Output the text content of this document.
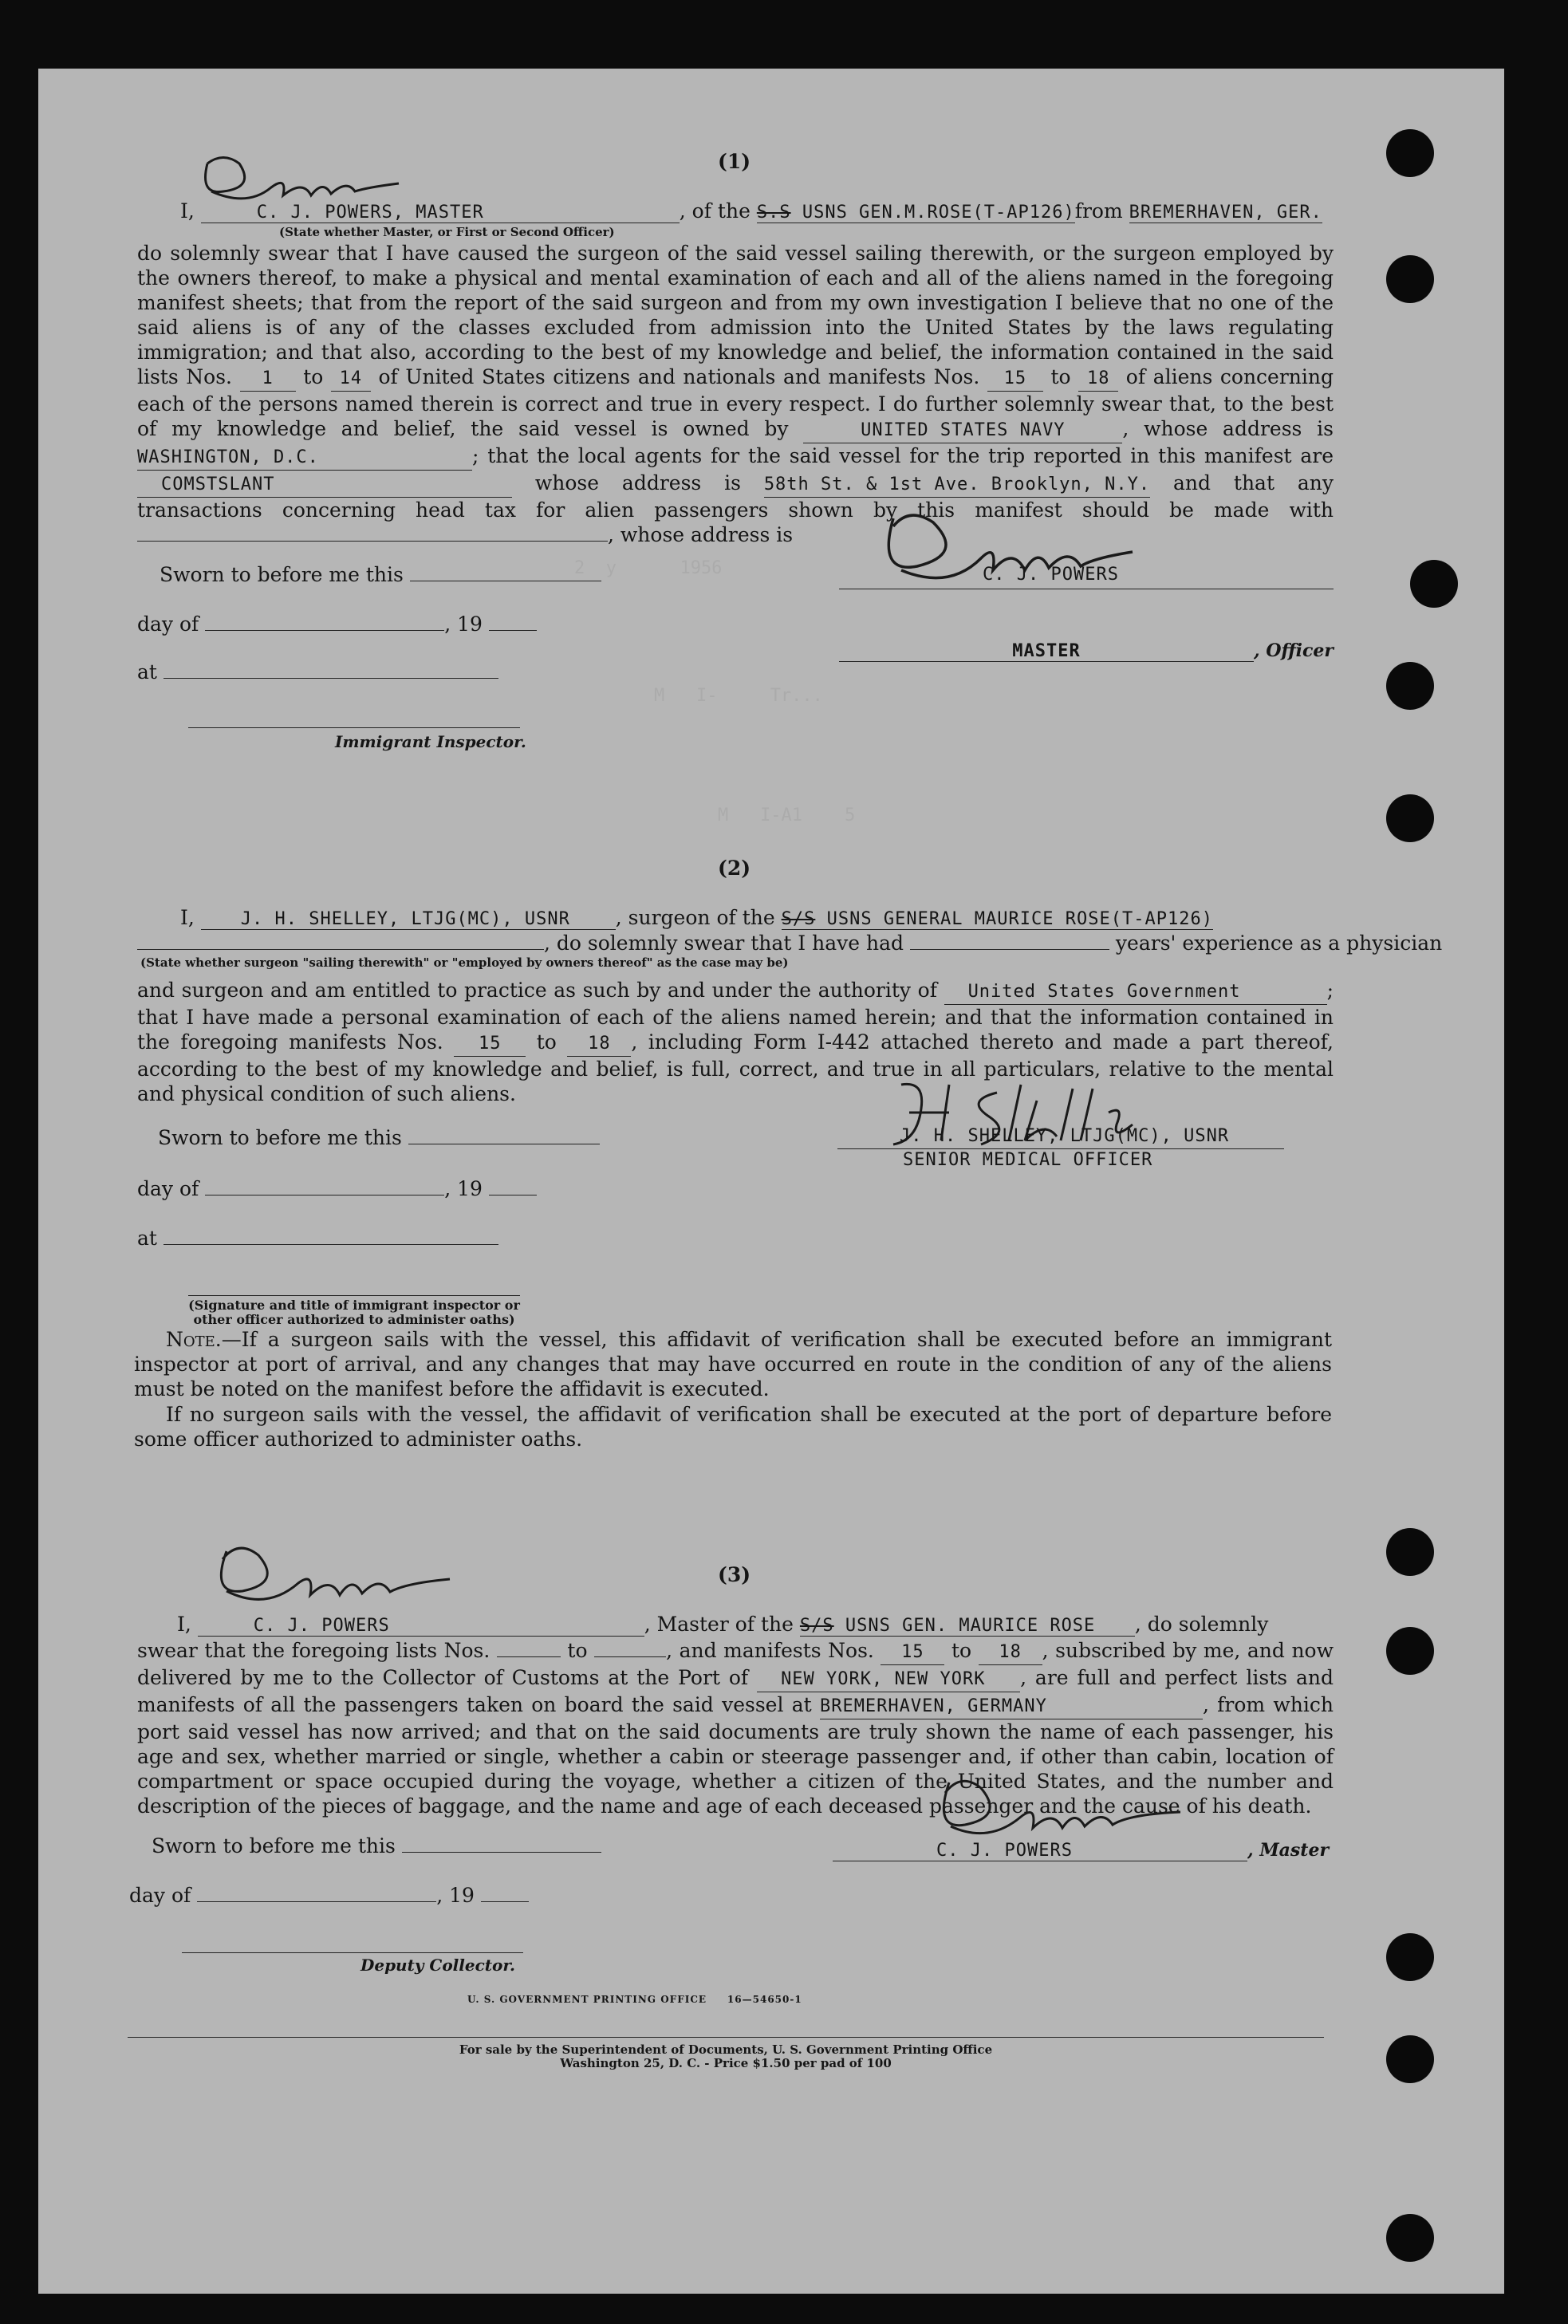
2  y      1956
M   I-     Tr...
M   I-A1    5
(1)
I,	C. J. POWERS, MASTER	, of the S.S USNS GEN.M.ROSE(T-AP126)from BREMERHAVEN, GER.
(State whether Master, or First or Second Officer)
do solemnly swear that I have caused the surgeon of the said vessel sailing therewith, or the surgeon employed by the owners thereof, to make a physical and mental examination of each and all of the aliens named in the foregoing manifest sheets; that from the report of the said surgeon and from my own investigation I believe that no one of the said aliens is of any of the classes excluded from admission into the United States by the laws regulating immigration; and that also, according to the best of my knowledge and belief, the information contained in the said lists Nos. 1 to 14 of United States citizens and nationals and manifests Nos. 15 to 18 of aliens concerning each of the persons named therein is correct and true in every respect. I do further solemnly swear that, to the best of my knowledge and belief, the said vessel is owned by	UNITED STATES NAVY	, whose address is WASHINGTON, D.C.	; that the local agents for the said vessel for the trip reported in this manifest are COMSTSLANT	whose address is 58th St. & 1st Ave. Brooklyn, N.Y. and that any transactions concerning head tax for alien passengers shown by this manifest should be made with , whose address is
Sworn to before me this
day of	, 19
at
Immigrant Inspector.
C. J. POWERS
MASTER	, Officer
(2)
I,	J. H. SHELLEY, LTJG(MC), USNR , surgeon of the S/S USNS GENERAL MAURICE ROSE(T-AP126)
, do solemnly swear that I have had	years' experience as a physician
(State whether surgeon "sailing therewith" or "employed by owners thereof" as the case may be)
and surgeon and am entitled to practice as such by and under the authority of United States Government	; that I have made a personal examination of each of the aliens named herein; and that the information contained in the foregoing manifests Nos. 15 to 18 , including Form I-442 attached thereto and made a part thereof, according to the best of my knowledge and belief, is full, correct, and true in all particulars, relative to the mental and physical condition of such aliens.
Sworn to before me this
day of	, 19
at
(Signature and title of immigrant inspector or
other officer authorized to administer oaths)
J. H. SHELLEY, LTJG(MC), USNR
SENIOR MEDICAL OFFICER
Note.—If a surgeon sails with the vessel, this affidavit of verification shall be executed before an immigrant inspector at port of arrival, and any changes that may have occurred en route in the condition of any of the aliens must be noted on the manifest before the affidavit is executed.
If no surgeon sails with the vessel, the affidavit of verification shall be executed at the port of departure before some officer authorized to administer oaths.
(3)
I,	C. J. POWERS	, Master of the S/S USNS GEN. MAURICE ROSE , do solemnly
swear that the foregoing lists Nos.	to	, and manifests Nos. 15 to 18 , subscribed by me, and now delivered by me to the Collector of Customs at the Port of NEW YORK, NEW YORK , are full and perfect lists and manifests of all the passengers taken on board the said vessel at BREMERHAVEN, GERMANY	, from which port said vessel has now arrived; and that on the said documents are truly shown the name of each passenger, his age and sex, whether married or single, whether a cabin or steerage passenger and, if other than cabin, location of compartment or space occupied during the voyage, whether a citizen of the United States, and the number and description of the pieces of baggage, and the name and age of each deceased passenger and the cause of his death.
Sworn to before me this
day of	, 19
Deputy Collector.
C. J. POWERS	, Master
U. S. GOVERNMENT PRINTING OFFICE     16—54650-1
For sale by the Superintendent of Documents, U. S. Government Printing Office
Washington 25, D. C. - Price $1.50 per pad of 100
